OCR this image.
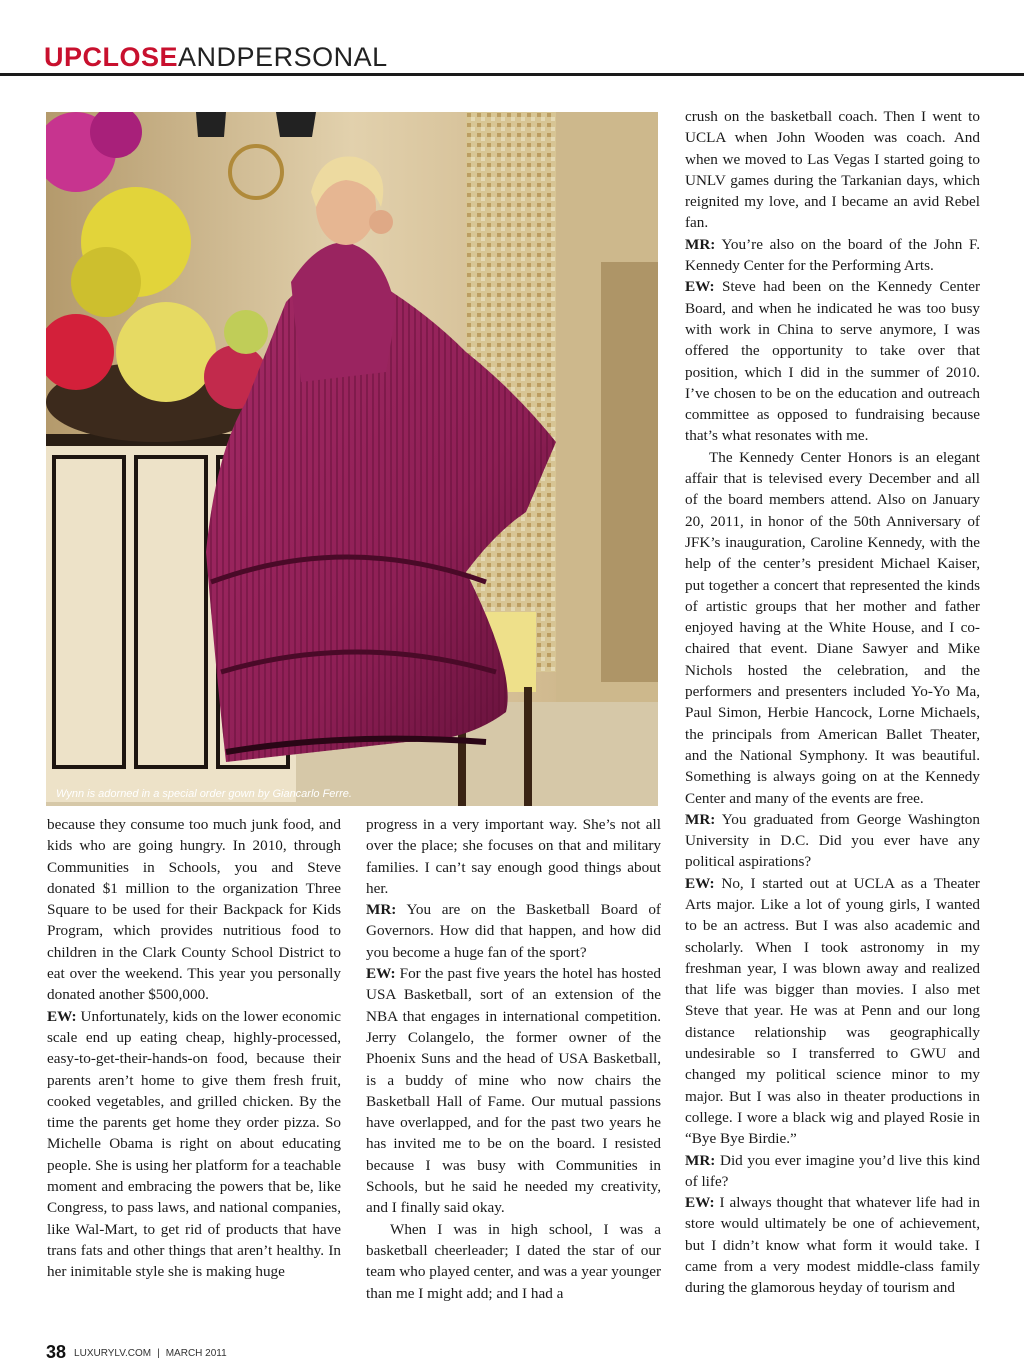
UPCLOSEANDPERSONAL
Wynn is adorned in a special order gown by Giancarlo Ferre.

because they consume too much junk food, and kids who are going hungry. In 2010, through Communities in Schools, you and Steve donated $1 million to the organization Three Square to be used for their Backpack for Kids Program, which provides nutritious food to children in the Clark County School District to eat over the weekend. This year you personally donated another $500,000.

EW: Unfortunately, kids on the lower economic scale end up eating cheap, highly-processed, easy-to-get-their-hands-on food, because their parents aren’t home to give them fresh fruit, cooked vegetables, and grilled chicken. By the time the parents get home they order pizza. So Michelle Obama is right on about educating people. She is using her platform for a teachable moment and embracing the powers that be, like Congress, to pass laws, and national companies, like Wal-Mart, to get rid of products that have trans fats and other things that aren’t healthy. In her inimitable style she is making huge

progress in a very important way. She’s not all over the place; she focuses on that and military families. I can’t say enough good things about her.

MR: You are on the Basketball Board of Governors. How did that happen, and how did you become a huge fan of the sport?

EW: For the past five years the hotel has hosted USA Basketball, sort of an extension of the NBA that engages in international competition. Jerry Colangelo, the former owner of the Phoenix Suns and the head of USA Basketball, is a buddy of mine who now chairs the Basketball Hall of Fame. Our mutual passions have overlapped, and for the past two years he has invited me to be on the board. I resisted because I was busy with Communities in Schools, but he said he needed my creativity, and I finally said okay.

When I was in high school, I was a basketball cheerleader; I dated the star of our team who played center, and was a year younger than me I might add; and I had a

crush on the basketball coach. Then I went to UCLA when John Wooden was coach. And when we moved to Las Vegas I started going to UNLV games during the Tarkanian days, which reignited my love, and I became an avid Rebel fan.

MR: You’re also on the board of the John F. Kennedy Center for the Performing Arts.

EW: Steve had been on the Kennedy Center Board, and when he indicated he was too busy with work in China to serve anymore, I was offered the opportunity to take over that position, which I did in the summer of 2010. I’ve chosen to be on the education and outreach committee as opposed to fundraising because that’s what resonates with me.

The Kennedy Center Honors is an elegant affair that is televised every December and all of the board members attend. Also on January 20, 2011, in honor of the 50th Anniversary of JFK’s inauguration, Caroline Kennedy, with the help of the center’s president Michael Kaiser, put together a concert that represented the kinds of artistic groups that her mother and father enjoyed having at the White House, and I co-chaired that event. Diane Sawyer and Mike Nichols hosted the celebration, and the performers and presenters included Yo-Yo Ma, Paul Simon, Herbie Hancock, Lorne Michaels, the principals from American Ballet Theater, and the National Symphony. It was beautiful. Something is always going on at the Kennedy Center and many of the events are free.

MR: You graduated from George Washington University in D.C. Did you ever have any political aspirations?

EW: No, I started out at UCLA as a Theater Arts major. Like a lot of young girls, I wanted to be an actress. But I was also academic and scholarly. When I took astronomy in my freshman year, I was blown away and realized that life was bigger than movies. I also met Steve that year. He was at Penn and our long distance relationship was geographically undesirable so I transferred to GWU and changed my political science minor to my major. But I was also in theater productions in college. I wore a black wig and played Rosie in “Bye Bye Birdie.”

MR: Did you ever imagine you’d live this kind of life?

EW: I always thought that whatever life had in store would ultimately be one of achievement, but I didn’t know what form it would take. I came from a very modest middle-class family during the glamorous heyday of tourism and

38 LUXURYLV.COM | MARCH 2011
